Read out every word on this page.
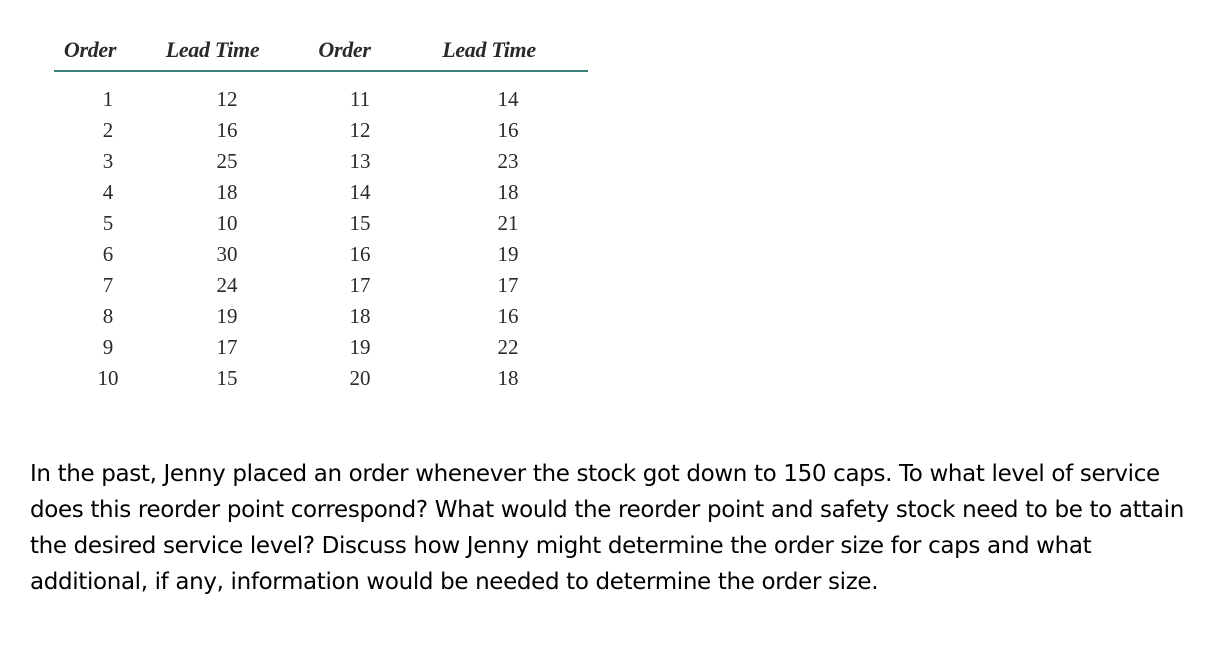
Order	Lead Time	Order	Lead Time
1	12	11	14
2	16	12	16
3	25	13	23
4	18	14	18
5	10	15	21
6	30	16	19
7	24	17	17
8	19	18	16
9	17	19	22
10	15	20	18
In the past, Jenny placed an order whenever the stock got down to 150 caps. To what level of service does this reorder point correspond? What would the reorder point and safety stock need to be to attain the desired service level? Discuss how Jenny might determine the order size for caps and what additional, if any, information would be needed to determine the order size.
